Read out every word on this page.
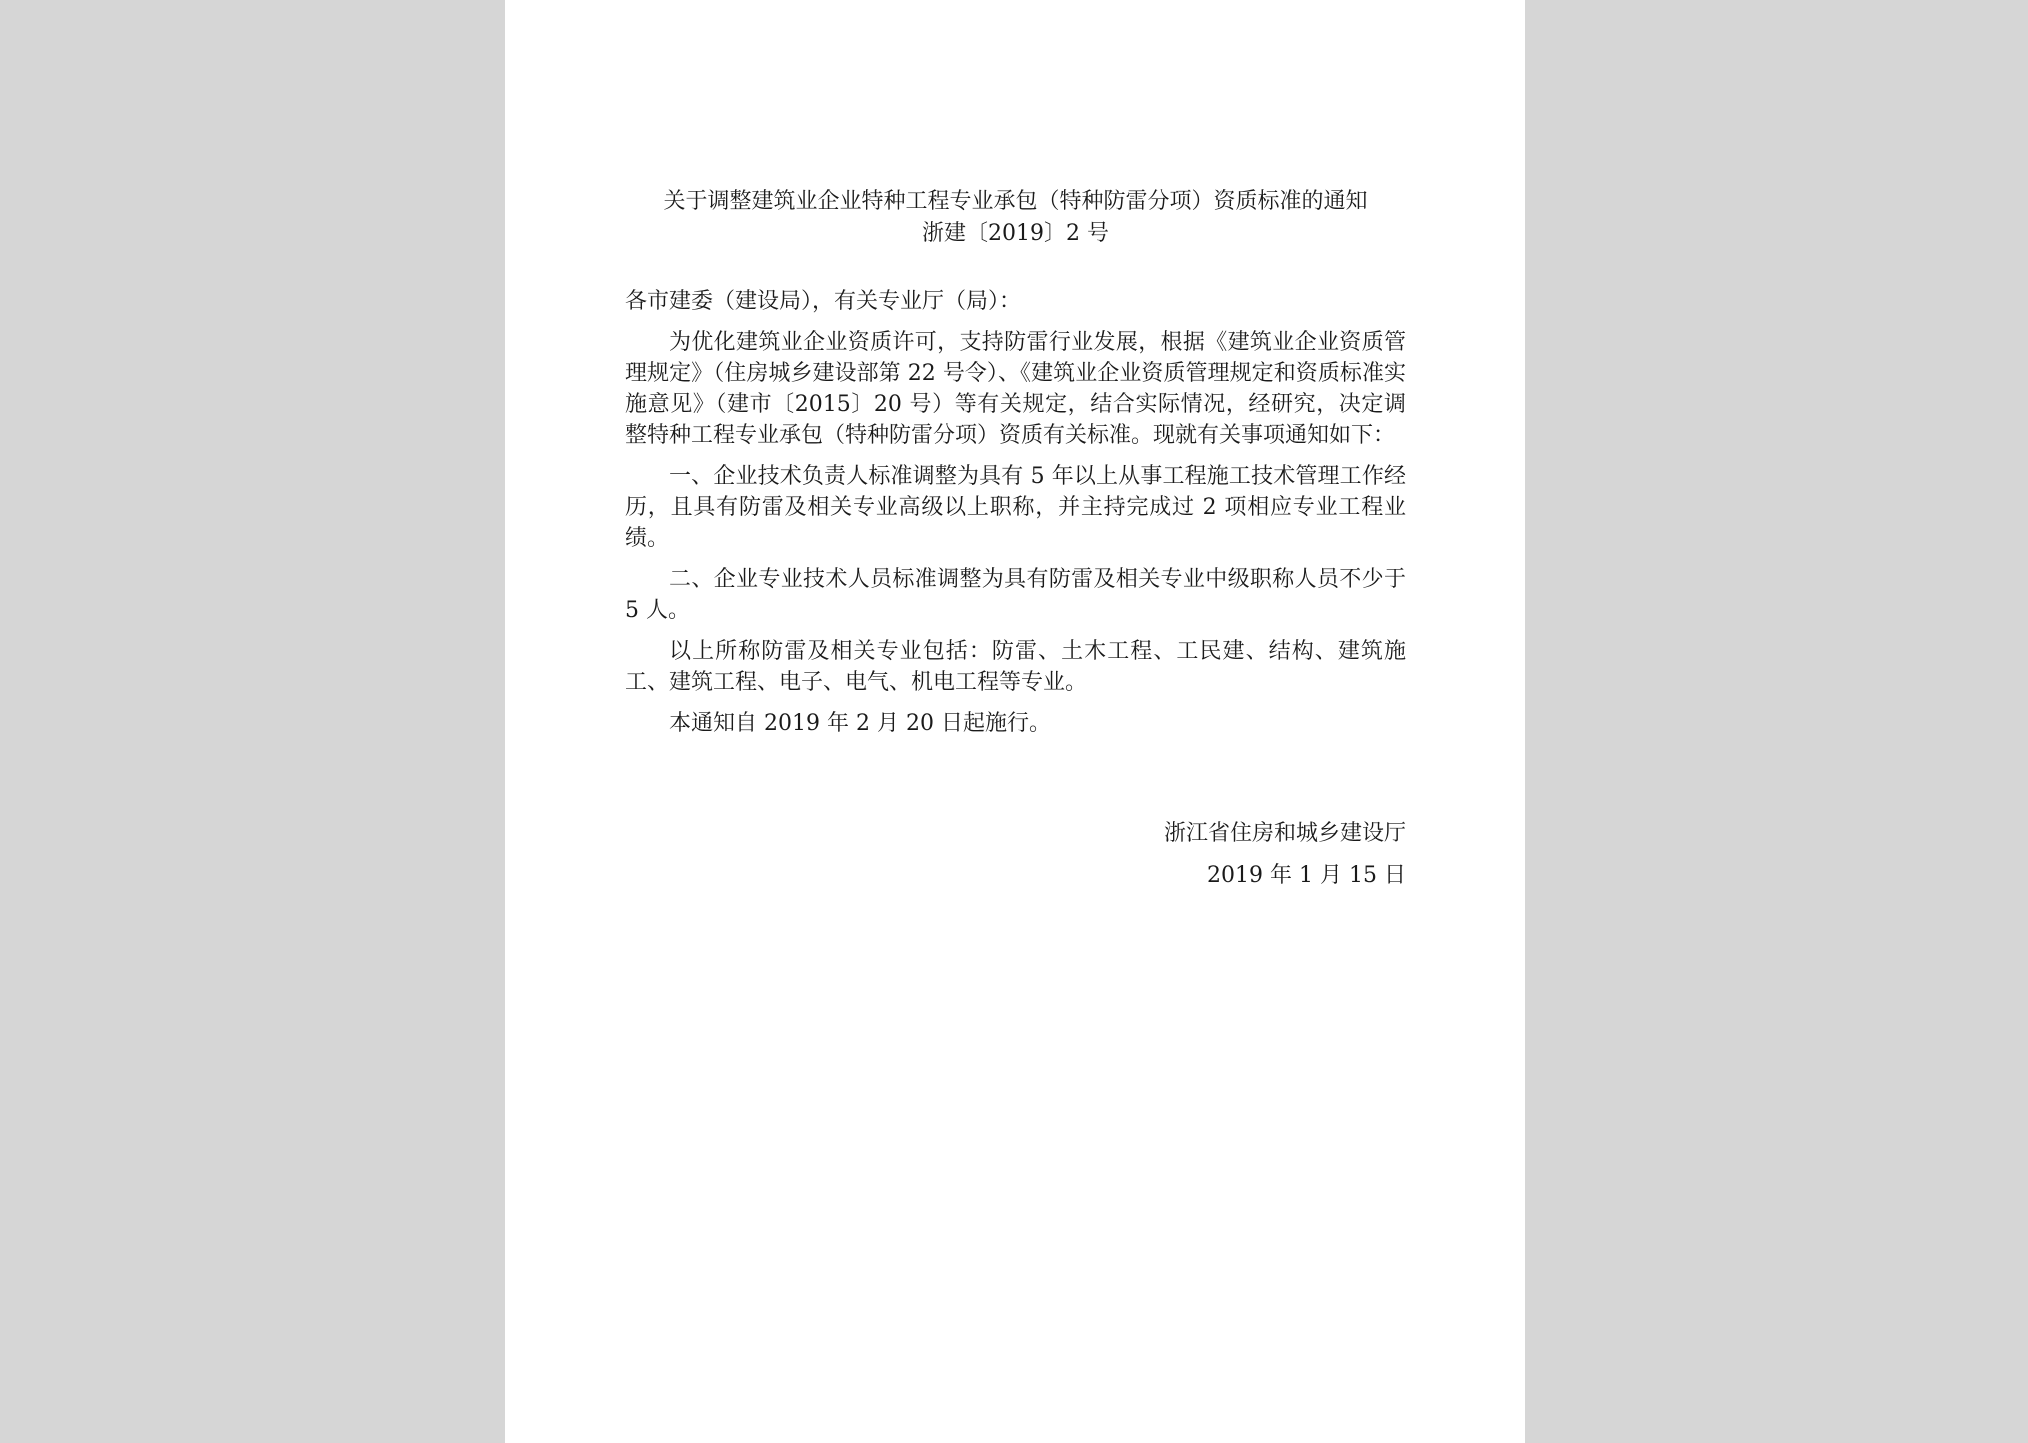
关于调整建筑业企业特种工程专业承包（特种防雷分项）资质标准的通知

浙建〔2019〕2 号

各市建委（建设局），有关专业厅（局）：

为优化建筑业企业资质许可，支持防雷行业发展，根据《建筑业企业资质管理规定》（住房城乡建设部第 22 号令）、《建筑业企业资质管理规定和资质标准实施意见》（建市〔2015〕20 号）等有关规定，结合实际情况，经研究，决定调整特种工程专业承包（特种防雷分项）资质有关标准。现就有关事项通知如下：

一、企业技术负责人标准调整为具有 5 年以上从事工程施工技术管理工作经历，且具有防雷及相关专业高级以上职称，并主持完成过 2 项相应专业工程业绩。

二、企业专业技术人员标准调整为具有防雷及相关专业中级职称人员不少于 5 人。

以上所称防雷及相关专业包括：防雷、土木工程、工民建、结构、建筑施工、建筑工程、电子、电气、机电工程等专业。

本通知自 2019 年 2 月 20 日起施行。

浙江省住房和城乡建设厅
2019 年 1 月 15 日
